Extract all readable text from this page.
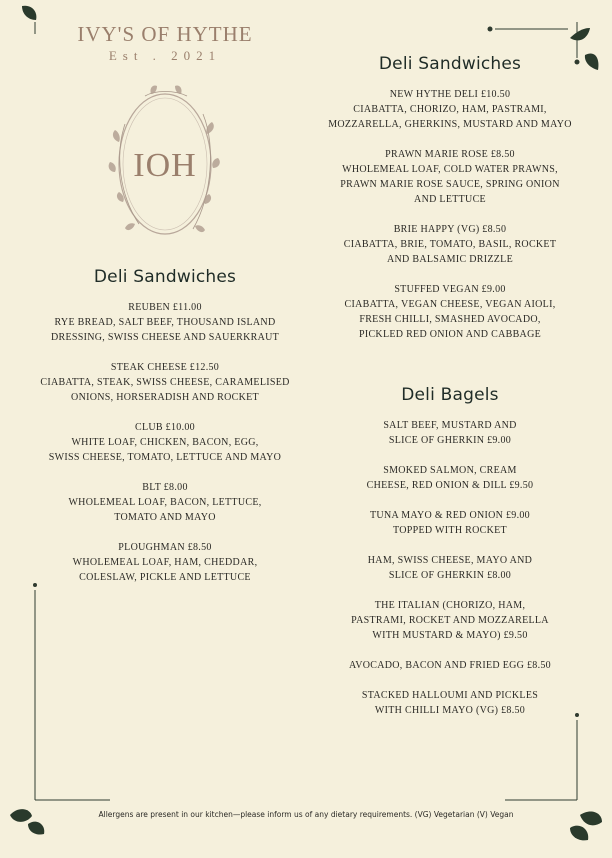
IVY'S OF HYTHE
Est . 2021
IOH
Deli Sandwiches
REUBEN £11.00
RYE BREAD, SALT BEEF, THOUSAND ISLAND
DRESSING, SWISS CHEESE AND SAUERKRAUT
STEAK CHEESE £12.50
CIABATTA, STEAK, SWISS CHEESE, CARAMELISED
ONIONS, HORSERADISH AND ROCKET
CLUB £10.00
WHITE LOAF, CHICKEN, BACON, EGG,
SWISS CHEESE, TOMATO, LETTUCE AND MAYO
BLT £8.00
WHOLEMEAL LOAF, BACON, LETTUCE,
TOMATO AND MAYO
PLOUGHMAN £8.50
WHOLEMEAL LOAF, HAM, CHEDDAR,
COLESLAW, PICKLE AND LETTUCE
Deli Sandwiches
NEW HYTHE DELI £10.50
CIABATTA, CHORIZO, HAM, PASTRAMI,
MOZZARELLA, GHERKINS, MUSTARD AND MAYO
PRAWN MARIE ROSE £8.50
WHOLEMEAL LOAF, COLD WATER PRAWNS,
PRAWN MARIE ROSE SAUCE, SPRING ONION
AND LETTUCE
BRIE HAPPY (VG) £8.50
CIABATTA, BRIE, TOMATO, BASIL, ROCKET
AND BALSAMIC DRIZZLE
STUFFED VEGAN £9.00
CIABATTA, VEGAN CHEESE, VEGAN AIOLI,
FRESH CHILLI, SMASHED AVOCADO,
PICKLED RED ONION AND CABBAGE
Deli Bagels
SALT BEEF, MUSTARD AND
SLICE OF GHERKIN £9.00
SMOKED SALMON, CREAM
CHEESE, RED ONION & DILL £9.50
TUNA MAYO & RED ONION £9.00
TOPPED WITH ROCKET
HAM, SWISS CHEESE, MAYO AND
SLICE OF GHERKIN £8.00
THE ITALIAN (CHORIZO, HAM,
PASTRAMI, ROCKET AND MOZZARELLA
WITH MUSTARD & MAYO) £9.50
AVOCADO, BACON AND FRIED EGG £8.50
STACKED HALLOUMI AND PICKLES
WITH CHILLI MAYO (VG) £8.50
Allergens are present in our kitchen—please inform us of any dietary requirements. (VG) Vegetarian (V) Vegan
